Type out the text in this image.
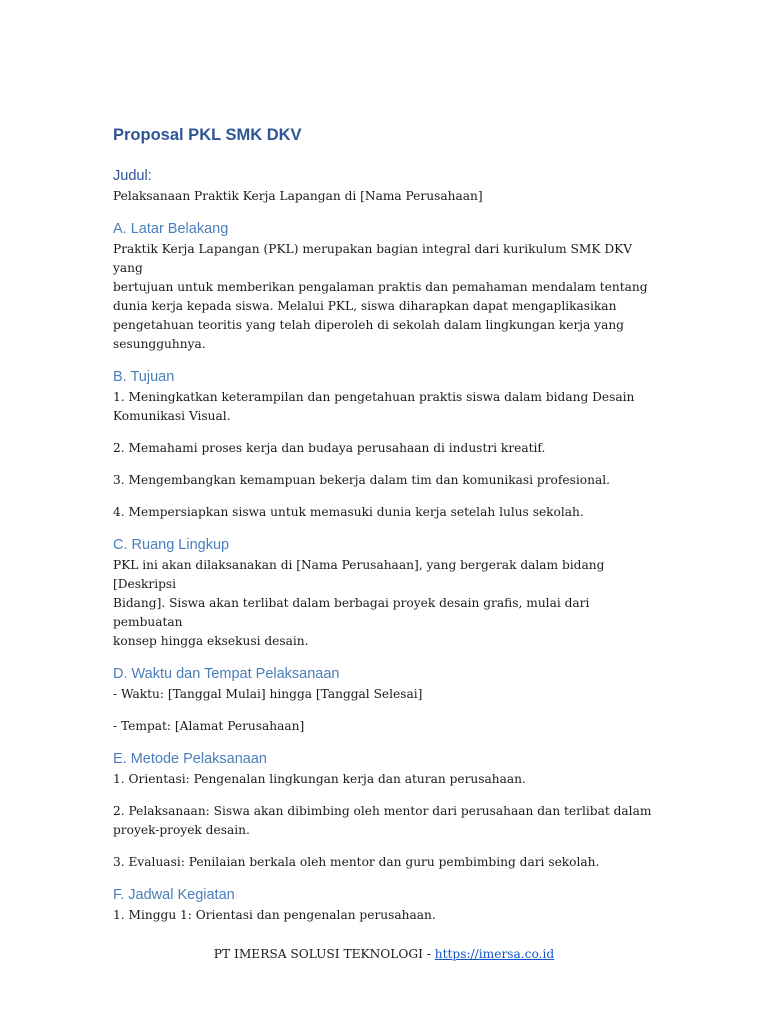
Proposal PKL SMK DKV
Judul:
Pelaksanaan Praktik Kerja Lapangan di [Nama Perusahaan]
A. Latar Belakang
Praktik Kerja Lapangan (PKL) merupakan bagian integral dari kurikulum SMK DKV yang
bertujuan untuk memberikan pengalaman praktis dan pemahaman mendalam tentang
dunia kerja kepada siswa. Melalui PKL, siswa diharapkan dapat mengaplikasikan
pengetahuan teoritis yang telah diperoleh di sekolah dalam lingkungan kerja yang
sesungguhnya.
B. Tujuan
1. Meningkatkan keterampilan dan pengetahuan praktis siswa dalam bidang Desain
Komunikasi Visual.
2. Memahami proses kerja dan budaya perusahaan di industri kreatif.
3. Mengembangkan kemampuan bekerja dalam tim dan komunikasi profesional.
4. Mempersiapkan siswa untuk memasuki dunia kerja setelah lulus sekolah.
C. Ruang Lingkup
PKL ini akan dilaksanakan di [Nama Perusahaan], yang bergerak dalam bidang [Deskripsi
Bidang]. Siswa akan terlibat dalam berbagai proyek desain grafis, mulai dari pembuatan
konsep hingga eksekusi desain.
D. Waktu dan Tempat Pelaksanaan
- Waktu: [Tanggal Mulai] hingga [Tanggal Selesai]
- Tempat: [Alamat Perusahaan]
E. Metode Pelaksanaan
1. Orientasi: Pengenalan lingkungan kerja dan aturan perusahaan.
2. Pelaksanaan: Siswa akan dibimbing oleh mentor dari perusahaan dan terlibat dalam
proyek-proyek desain.
3. Evaluasi: Penilaian berkala oleh mentor dan guru pembimbing dari sekolah.
F. Jadwal Kegiatan
1. Minggu 1: Orientasi dan pengenalan perusahaan.
PT IMERSA SOLUSI TEKNOLOGI - https://imersa.co.id
